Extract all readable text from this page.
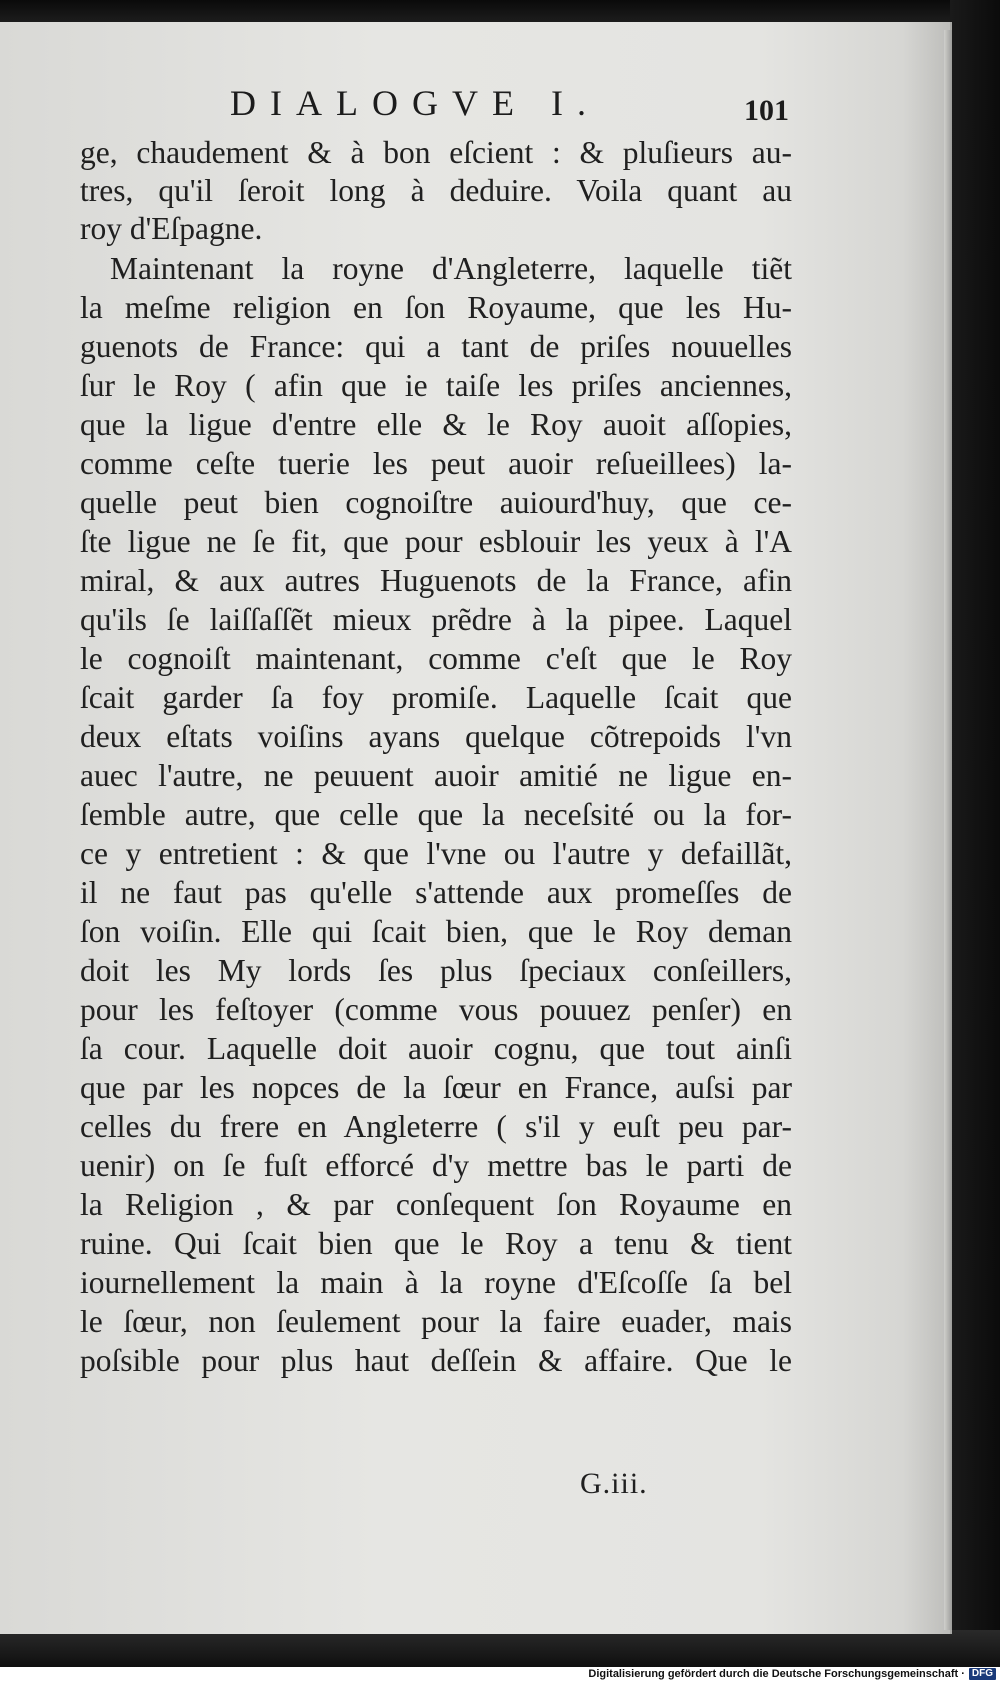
DIALOGVE I.	101
ge, chaudement & à bon eſcient : & pluſieurs au-
tres, qu'il ſeroit long à deduire. Voila quant au
roy d'Eſpagne.
Maintenant la royne d'Angleterre, laquelle tiẽt
la meſme religion en ſon Royaume, que les Hu-
guenots de France: qui a tant de priſes nouuelles
ſur le Roy ( afin que ie taiſe les priſes anciennes,
que la ligue d'entre elle & le Roy auoit aſſopies,
comme ceſte tuerie les peut auoir reſueillees) la-
quelle peut bien cognoiſtre auiourd'huy, que ce-
ſte ligue ne ſe fit, que pour esblouir les yeux à l'A
miral, & aux autres Huguenots de la France, afin
qu'ils ſe laiſſaſſẽt mieux prẽdre à la pipee. Laquel
le cognoiſt maintenant, comme c'eſt que le Roy
ſcait garder ſa foy promiſe. Laquelle ſcait que
deux eſtats voiſins ayans quelque cõtrepoids l'vn
auec l'autre, ne peuuent auoir amitié ne ligue en-
ſemble autre, que celle que la neceſsité ou la for-
ce y entretient : & que l'vne ou l'autre y defaillãt,
il ne faut pas qu'elle s'attende aux promeſſes de
ſon voiſin. Elle qui ſcait bien, que le Roy deman
doit les My lords ſes plus ſpeciaux conſeillers,
pour les feſtoyer (comme vous pouuez penſer) en
ſa cour. Laquelle doit auoir cognu, que tout ainſi
que par les nopces de la ſœur en France, auſsi par
celles du frere en Angleterre ( s'il y euſt peu par-
uenir) on ſe fuſt efforcé d'y mettre bas le parti de
la Religion , & par conſequent ſon Royaume en
ruine. Qui ſcait bien que le Roy a tenu & tient
iournellement la main à la royne d'Eſcoſſe ſa bel
le ſœur, non ſeulement pour la faire euader, mais
poſsible pour plus haut deſſein & affaire. Que le
G.iii.
Digitalisierung gefördert durch die Deutsche Forschungsgemeinschaft · DFG
